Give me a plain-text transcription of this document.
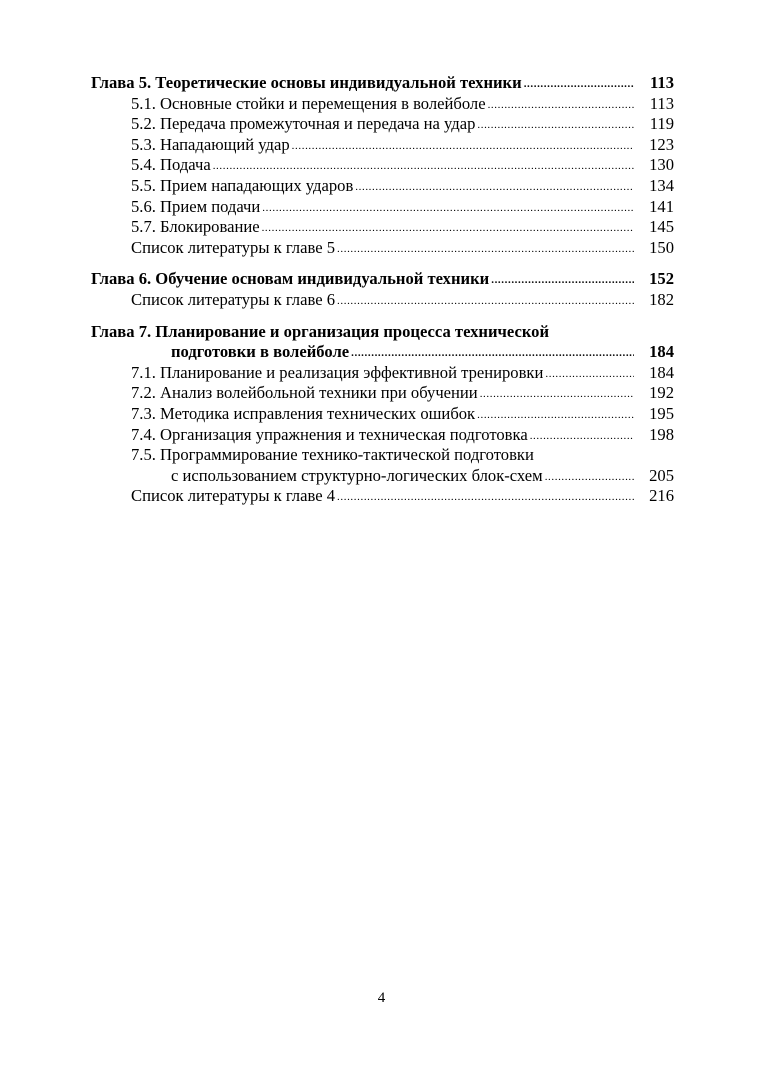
Глава 5. Теоретические основы индивидуальной техники .....	113
5.1. Основные стойки и перемещения в волейболе .....	113
5.2. Передача промежуточная и передача на удар .....	119
5.3. Нападающий удар .....	123
5.4. Подача .....	130
5.5. Прием нападающих ударов .....	134
5.6. Прием подачи .....	141
5.7. Блокирование .....	145
Список литературы к главе 5 .....	150
Глава 6. Обучение основам индивидуальной техники .....	152
Список литературы к главе 6 .....	182
Глава 7. Планирование и организация процесса технической
подготовки в волейболе .....	184
7.1. Планирование и реализация эффективной тренировки .....	184
7.2. Анализ волейбольной техники при обучении .....	192
7.3. Методика исправления технических ошибок .....	195
7.4. Организация упражнения и техническая подготовка .....	198
7.5. Программирование технико-тактической подготовки
с использованием структурно-логических блок-схем .....	205
Список литературы к главе 4 .....	216
4
